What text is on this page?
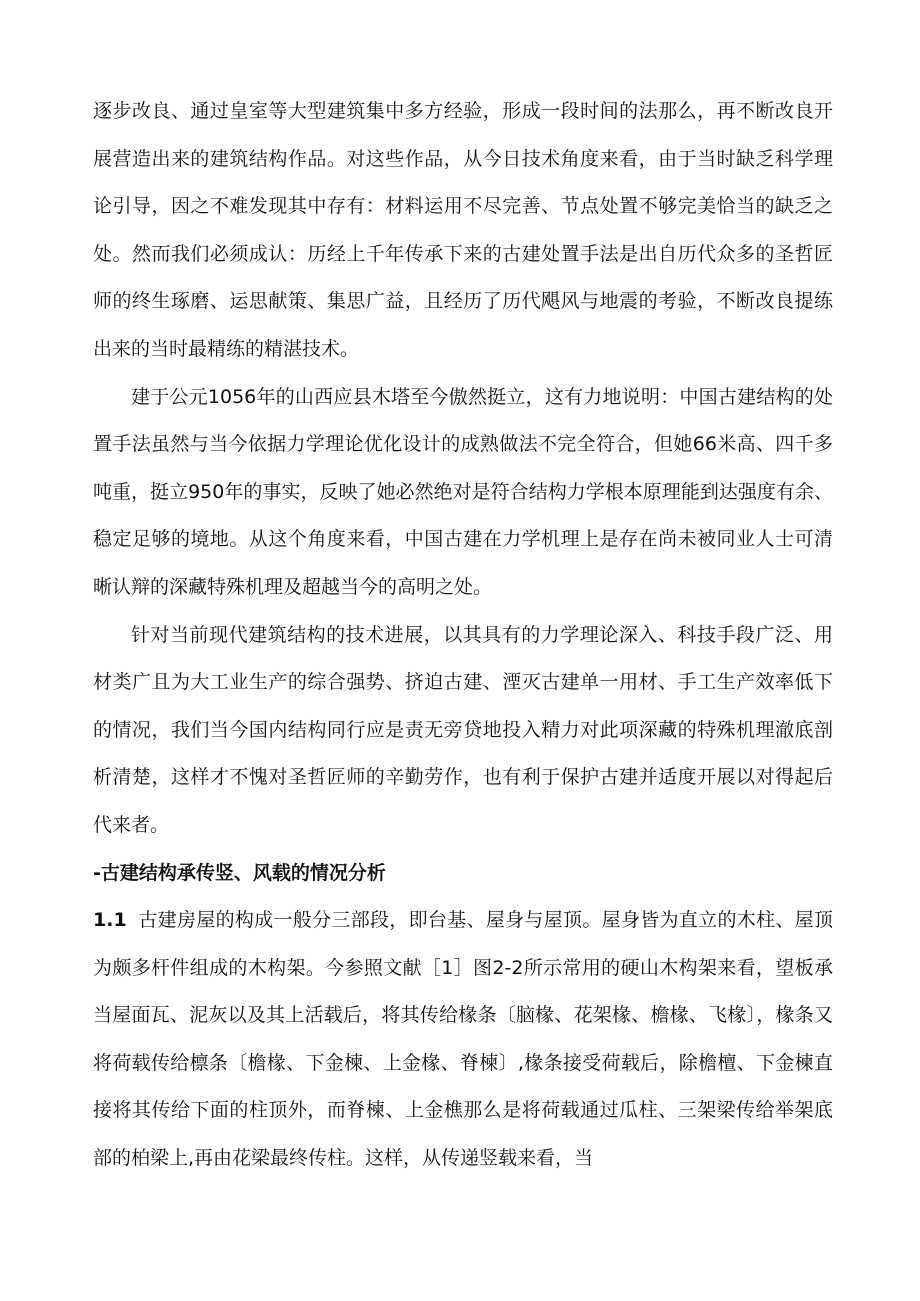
逐步改良、通过皇室等大型建筑集中多方经验，形成一段时间的法那么，再不断改良开展营造出来的建筑结构作品。对这些作品，从今日技术角度来看，由于当时缺乏科学理论引导，因之不难发现其中存有：材料运用不尽完善、节点处置不够完美恰当的缺乏之处。然而我们必须成认：历经上千年传承下来的古建处置手法是出自历代众多的圣哲匠师的终生琢磨、运思献策、集思广益，且经历了历代飓风与地震的考验，不断改良提练出来的当时最精练的精湛技术。

建于公元1056年的山西应县木塔至今傲然挺立，这有力地说明：中国古建结构的处置手法虽然与当今依据力学理论优化设计的成熟做法不完全符合，但她66米高、四千多吨重，挺立950年的事实，反映了她必然绝对是符合结构力学根本原理能到达强度有余、稳定足够的境地。从这个角度来看，中国古建在力学机理上是存在尚未被同业人士可清晰认辩的深藏特殊机理及超越当今的高明之处。

针对当前现代建筑结构的技术进展，以其具有的力学理论深入、科技手段广泛、用材类广且为大工业生产的综合强势、挤迫古建、湮灭古建单一用材、手工生产效率低下的情况，我们当今国内结构同行应是责无旁贷地投入精力对此项深藏的特殊机理澈底剖析清楚，这样才不愧对圣哲匠师的辛勤劳作，也有利于保护古建并适度开展以对得起后代来者。

-古建结构承传竖、风载的情况分析

1.1 古建房屋的构成一般分三部段，即台基、屋身与屋顶。屋身皆为直立的木柱、屋顶为颇多杆件组成的木构架。今参照文献［1］图2-2所示常用的硬山木构架来看，望板承当屋面瓦、泥灰以及其上活载后，将其传给椽条〔脑椽、花架椽、檐椽、飞椽〕，椽条又将荷载传给檩条〔檐椽、下金楝、上金椽、脊楝〕,椽条接受荷载后，除檐檀、下金楝直接将其传给下面的柱顶外，而脊楝、上金樵那么是将荷载通过瓜柱、三架梁传给举架底部的柏梁上,再由花梁最终传柱。这样，从传递竖载来看，当
